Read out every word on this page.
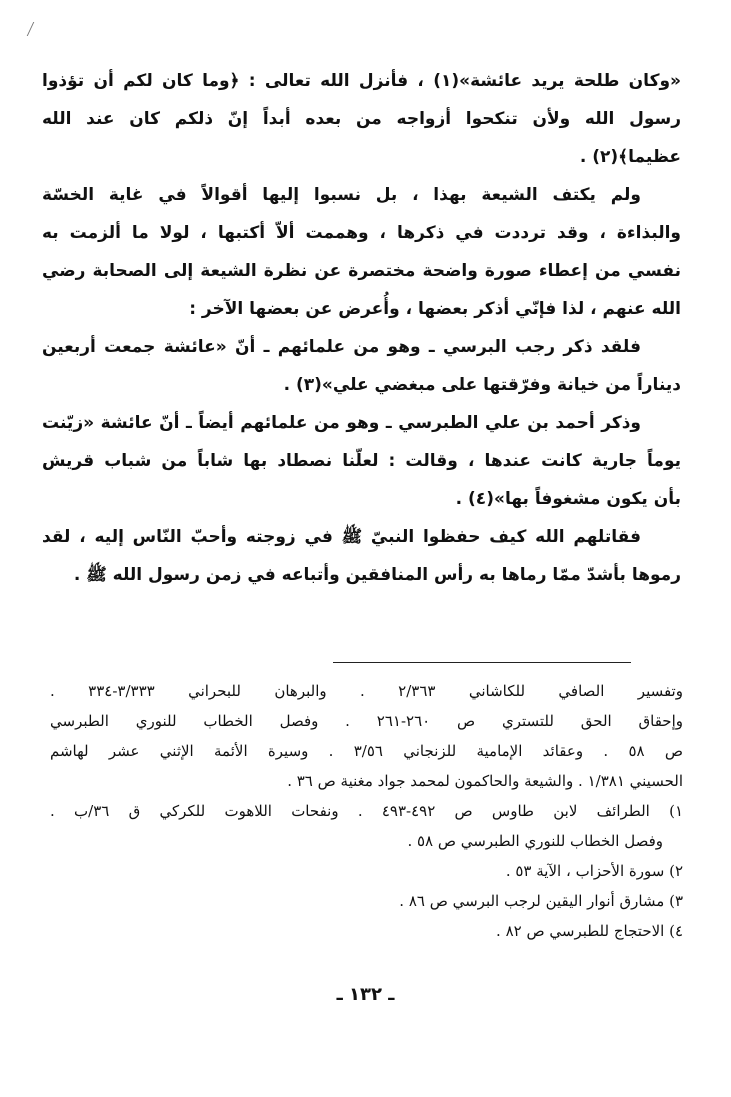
«وكان طلحة يريد عائشة»(١) ، فأنزل الله تعالى : ﴿وما كان لكم أن تؤذوا
رسول الله ولأن تنكحوا أزواجه من بعده أبداً إنّ ذلكم كان عند الله
عظيما﴾(٢) .

ولم يكتف الشيعة بهذا ، بل نسبوا إليها أقوالاً في غاية الخسّة
والبذاءة ، وقد ترددت في ذكرها ، وهممت ألاّ أكتبها ، لولا ما ألزمت به
نفسي من إعطاء صورة واضحة مختصرة عن نظرة الشيعة إلى الصحابة رضي
الله عنهم ، لذا فإنّي أذكر بعضها ، وأُعرض عن بعضها الآخر :

فلقد ذكر رجب البرسي ـ وهو من علمائهم ـ أنّ «عائشة جمعت أربعين
ديناراً من خيانة وفرّقتها على مبغضي علي»(٣) .

وذكر أحمد بن علي الطبرسي ـ وهو من علمائهم أيضاً ـ أنّ عائشة «زيّنت
يوماً جارية كانت عندها ، وقالت : لعلّنا نصطاد بها شاباً من شباب قريش
بأن يكون مشغوفاً بها»(٤) .

فقاتلهم الله كيف حفظوا النبيّ ﷺ في زوجته وأحبّ النّاس إليه ، لقد
رموها بأشدّ ممّا رماها به رأس المنافقين وأتباعه في زمن رسول الله ﷺ .

وتفسير الصافي للكاشاني ٢/٣٦٣ . والبرهان للبحراني ٣/٣٣٣-٣٣٤ .
وإحقاق الحق للتستري ص ٢٦٠-٢٦١ . وفصل الخطاب للنوري الطبرسي
ص ٥٨ . وعقائد الإمامية للزنجاني ٣/٥٦ . وسيرة الأئمة الإثني عشر لهاشم
الحسيني ١/٣٨١ . والشيعة والحاكمون لمحمد جواد مغنية ص ٣٦ .
١) الطرائف لابن طاوس ص ٤٩٢-٤٩٣ . ونفحات اللاهوت للكركي ق ٣٦/ب .
وفصل الخطاب للنوري الطبرسي ص ٥٨ .
٢) سورة الأحزاب ، الآية ٥٣ .
٣) مشارق أنوار اليقين لرجب البرسي ص ٨٦ .
٤) الاحتجاج للطبرسي ص ٨٢ .
ـ ١٣٢ ـ
